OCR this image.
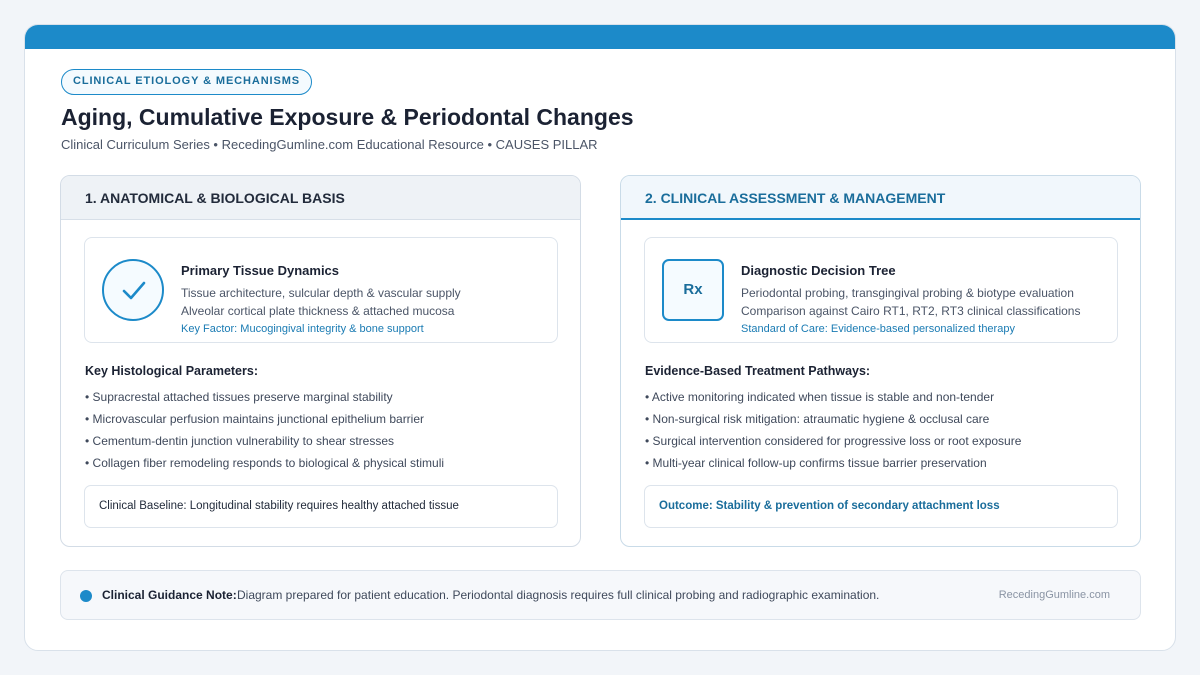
CLINICAL ETIOLOGY & MECHANISMS
Aging, Cumulative Exposure & Periodontal Changes
Clinical Curriculum Series • RecedingGumline.com Educational Resource • CAUSES PILLAR
1. ANATOMICAL & BIOLOGICAL BASIS
Primary Tissue Dynamics
Tissue architecture, sulcular depth & vascular supply
Alveolar cortical plate thickness & attached mucosa
Key Factor: Mucogingival integrity & bone support
Key Histological Parameters:
• Supracrestal attached tissues preserve marginal stability
• Microvascular perfusion maintains junctional epithelium barrier
• Cementum-dentin junction vulnerability to shear stresses
• Collagen fiber remodeling responds to biological & physical stimuli
Clinical Baseline: Longitudinal stability requires healthy attached tissue
2. CLINICAL ASSESSMENT & MANAGEMENT
Rx
Diagnostic Decision Tree
Periodontal probing, transgingival probing & biotype evaluation
Comparison against Cairo RT1, RT2, RT3 clinical classifications
Standard of Care: Evidence-based personalized therapy
Evidence-Based Treatment Pathways:
• Active monitoring indicated when tissue is stable and non-tender
• Non-surgical risk mitigation: atraumatic hygiene & occlusal care
• Surgical intervention considered for progressive loss or root exposure
• Multi-year clinical follow-up confirms tissue barrier preservation
Outcome: Stability & prevention of secondary attachment loss
Clinical Guidance Note: Diagram prepared for patient education. Periodontal diagnosis requires full clinical probing and radiographic examination.	RecedingGumline.com
